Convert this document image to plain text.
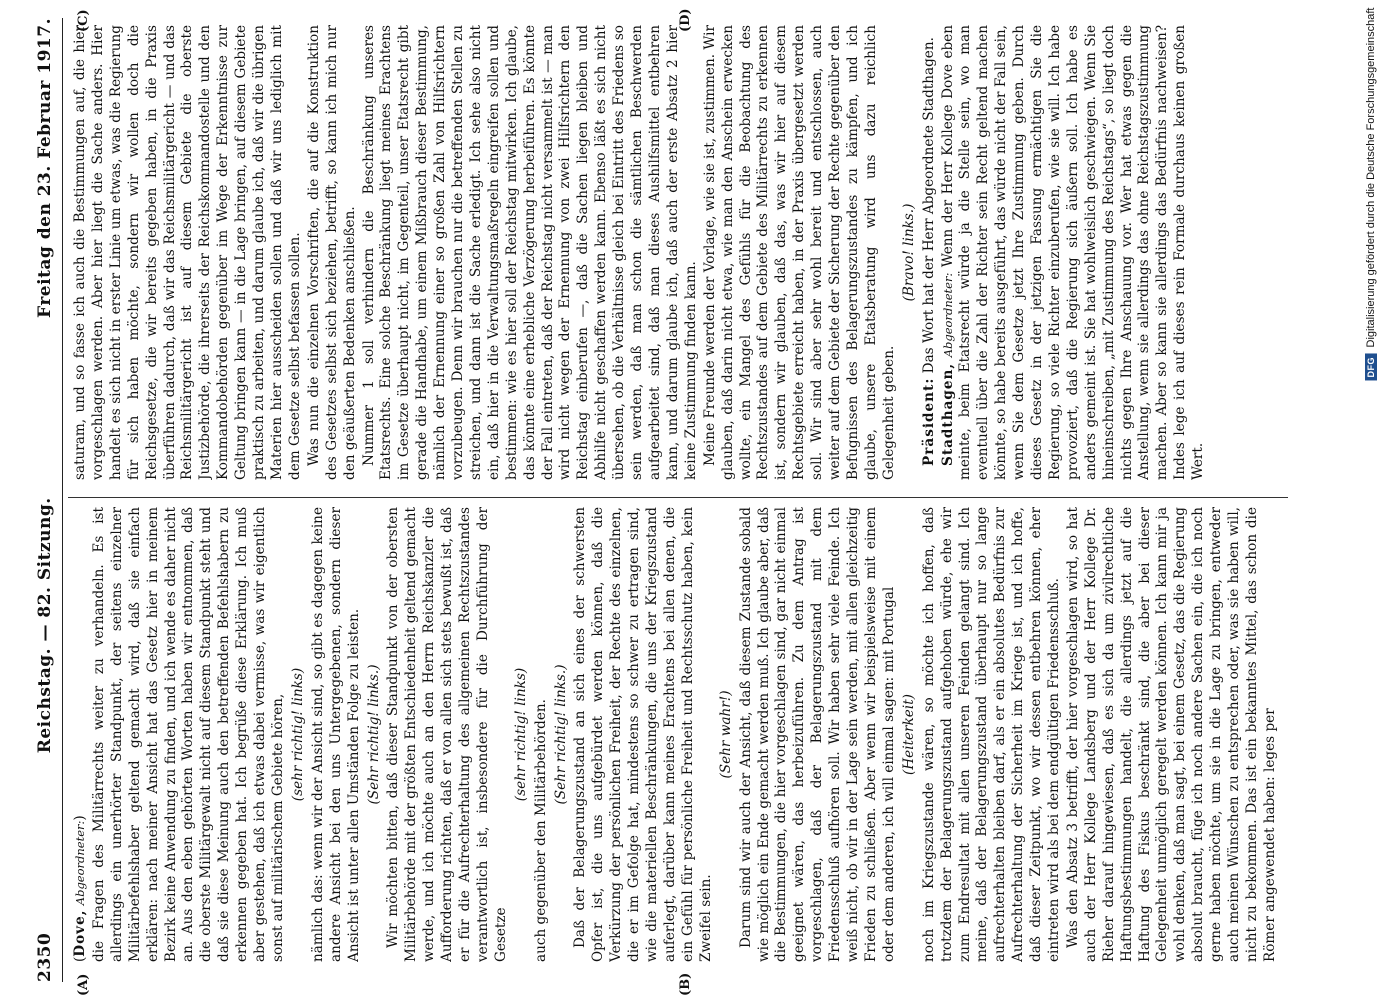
2350
Reichstag. — 82. Sitzung.
Freitag den 23. Februar 1917.
(A)	(B)
(C)	(D)

(Dove, Abgeordneter:) die Fragen des Militärrechts weiter zu verhandeln. Es ist allerdings ein unerhörter Standpunkt, der seitens einzelner Militärbefehlshaber geltend gemacht wird, daß sie einfach erklären: nach meiner Ansicht hat das Gesetz hier in meinem Bezirk keine Anwendung zu finden, und ich wende es daher nicht an. Aus den eben gehörten Worten haben wir entnommen, daß die oberste Militärgewalt nicht auf diesem Standpunkt steht und daß sie diese Meinung auch den betreffenden Befehlshabern zu erkennen gegeben hat. Ich begrüße diese Erklärung. Ich muß aber gestehen, daß ich etwas dabei vermisse, was wir eigentlich sonst auf militärischem Gebiete hören, (sehr richtig! links) nämlich das: wenn wir der Ansicht sind, so gibt es dagegen keine andere Ansicht bei den uns Untergegebenen, sondern dieser Ansicht ist unter allen Umständen Folge zu leisten. (Sehr richtig! links.) Wir möchten bitten, daß dieser Standpunkt von der obersten Militärbehörde mit der größten Entschiedenheit geltend gemacht werde, und ich möchte auch an den Herrn Reichskanzler die Aufforderung richten, daß er von allen sich stets bewußt ist, daß er für die Aufrechterhaltung des allgemeinen Rechtszustandes verantwortlich ist, insbesondere für die Durchführung der Gesetze

(sehr richtig! links) auch gegenüber den Militärbehörden. (Sehr richtig! links.) Daß der Belagerungszustand an sich eines der schwersten Opfer ist, die uns aufgebürdet werden können, daß die Verkürzung der persönlichen Freiheit, der Rechte des einzelnen, die er im Gefolge hat, mindestens so schwer zu ertragen sind, wie die materiellen Beschränkungen, die uns der Kriegszustand auferlegt, darüber kann meines Erachtens bei allen denen, die ein Gefühl für persönliche Freiheit und Rechtsschutz haben, kein Zweifel sein.

(Sehr wahr!) Darum sind wir auch der Ansicht, daß diesem Zustande sobald wie möglich ein Ende gemacht werden muß. Ich glaube aber, daß die Bestimmungen, die hier vorgeschlagen sind, gar nicht einmal geeignet wären, das herbeizuführen. Zu dem Antrag ist vorgeschlagen, daß der Belagerungszustand mit dem Friedensschluß aufhören soll. Wir haben sehr viele Feinde. Ich weiß nicht, ob wir in der Lage sein werden, mit allen gleichzeitig Frieden zu schließen. Aber wenn wir beispielsweise mit einem oder dem anderen, ich will einmal sagen: mit Portugal (Heiterkeit) noch im Kriegszustande wären, so möchte ich hoffen, daß trotzdem der Belagerungszustand aufgehoben würde, ehe wir zum Endresultat mit allen unseren Feinden gelangt sind. Ich meine, daß der Belagerungszustand überhaupt nur so lange aufrechterhalten bleiben darf, als er ein absolutes Bedürfnis zur Aufrechterhaltung der Sicherheit im Kriege ist, und ich hoffe, daß dieser Zeitpunkt, wo wir dessen entbehren können, eher eintreten wird als bei dem endgültigen Friedensschluß. Was den Absatz 3 betrifft, der hier vorgeschlagen wird, so hat auch der Herr Kollege Landsberg und der Herr Kollege Dr. Rieher darauf hingewiesen, daß es sich da um zivilrechtliche Haftungsbestimmungen handelt, die allerdings jetzt auf die Haftung des Fiskus beschränkt sind, die aber bei dieser Gelegenheit unmöglich geregelt werden können. Ich kann mir ja wohl denken, daß man sagt, bei einem Gesetz, das die Regierung absolut braucht, füge ich noch andere Sachen ein, die ich noch gerne haben möchte, um sie in die Lage zu bringen, entweder auch meinen Wünschen zu entsprechen oder, was sie haben will, nicht zu bekommen. Das ist ein bekanntes Mittel, das schon die Römer angewendet haben: leges per

saturam, und so fasse ich auch die Bestimmungen auf, die hier vorgeschlagen werden. Aber hier liegt die Sache anders. Hier handelt es sich nicht in erster Linie um etwas, was die Regierung für sich haben möchte, sondern wir wollen doch die Reichsgesetze, die wir bereits gegeben haben, in die Praxis überführen dadurch, daß wir das Reichsmilitärgericht — und das Reichsmilitärgericht ist auf diesem Gebiete die oberste Justizbehörde, die ihrerseits der Reichskommandostelle und den Kommandobehörden gegenüber im Wege der Erkenntnisse zur Geltung bringen kann — in die Lage bringen, auf diesem Gebiete praktisch zu arbeiten, und darum glaube ich, daß wir die übrigen Materien hier ausscheiden sollen und daß wir uns lediglich mit dem Gesetze selbst befassen sollen. Was nun die einzelnen Vorschriften, die auf die Konstruktion des Gesetzes selbst sich beziehen, betrifft, so kann ich mich nur den geäußerten Bedenken anschließen. Nummer 1 soll verhindern die Beschränkung unseres Etatsrechts. Eine solche Beschränkung liegt meines Erachtens im Gesetze überhaupt nicht, im Gegenteil, unser Etatsrecht gibt gerade die Handhabe, um einem Mißbrauch dieser Bestimmung, nämlich der Ernennung einer so großen Zahl von Hilfsrichtern vorzubeugen. Denn wir brauchen nur die betreffenden Stellen zu streichen, und dann ist die Sache erledigt. Ich sehe also nicht ein, daß hier in die Verwaltungsmaßregeln eingreifen sollen und bestimmen: wie es hier soll der Reichstag mitwirken. Ich glaube, das könnte eine erhebliche Verzögerung herbeiführen. Es könnte der Fall eintreten, daß der Reichstag nicht versammelt ist — man wird nicht wegen der Ernennung von zwei Hilfsrichtern den Reichstag einberufen —, daß die Sachen liegen bleiben und Abhilfe nicht geschaffen werden kann. Ebenso läßt es sich nicht übersehen, ob die Verhältnisse gleich bei Eintritt des Friedens so sein werden, daß man schon die sämtlichen Beschwerden aufgearbeitet sind, daß man dieses Aushilfsmittel entbehren kann, und darum glaube ich, daß auch der erste Absatz 2 hier keine Zustimmung finden kann. Meine Freunde werden der Vorlage, wie sie ist, zustimmen. Wir glauben, daß darin nicht etwa, wie man den Anschein erwecken wollte, ein Mangel des Gefühls für die Beobachtung des Rechtszustandes auf dem Gebiete des Militärrechts zu erkennen ist, sondern wir glauben, daß das, was wir hier auf diesem Rechtsgebiete erreicht haben, in der Praxis übergesetzt werden soll. Wir sind aber sehr wohl bereit und entschlossen, auch weiter auf dem Gebiete der Sicherung der Rechte gegenüber den Befugnissen des Belagerungszustandes zu kämpfen, und ich glaube, unsere Etatsberatung wird uns dazu reichlich Gelegenheit geben.

(Bravo! links.)

Präsident: Das Wort hat der Herr Abgeordnete Stadthagen.

Stadthagen, Abgeordneter: Wenn der Herr Kollege Dove eben meinte, beim Etatsrecht würde ja die Stelle sein, wo man eventuell über die Zahl der Richter sein Recht geltend machen könnte, so habe bereits ausgeführt, das würde nicht der Fall sein, wenn Sie dem Gesetze jetzt Ihre Zustimmung geben. Durch dieses Gesetz in der jetzigen Fassung ermächtigen Sie die Regierung, so viele Richter einzuberufen, wie sie will. Ich habe provoziert, daß die Regierung sich äußern soll. Ich habe es anders gemeint ist. Sie hat wohlweislich geschwiegen. Wenn Sie hineinschreiben, „mit Zustimmung des Reichstags“, so liegt doch nichts gegen Ihre Anschauung vor. Wer hat etwas gegen die Anstellung, wenn sie allerdings das ohne Reichstagszustimmung machen. Aber so kann sie allerdings das Bedürfnis nachweisen? Indes lege ich auf dieses rein Formale durchaus keinen großen Wert.

DFG
Digitalisierung gefördert durch die Deutsche Forschungsgemeinschaft
